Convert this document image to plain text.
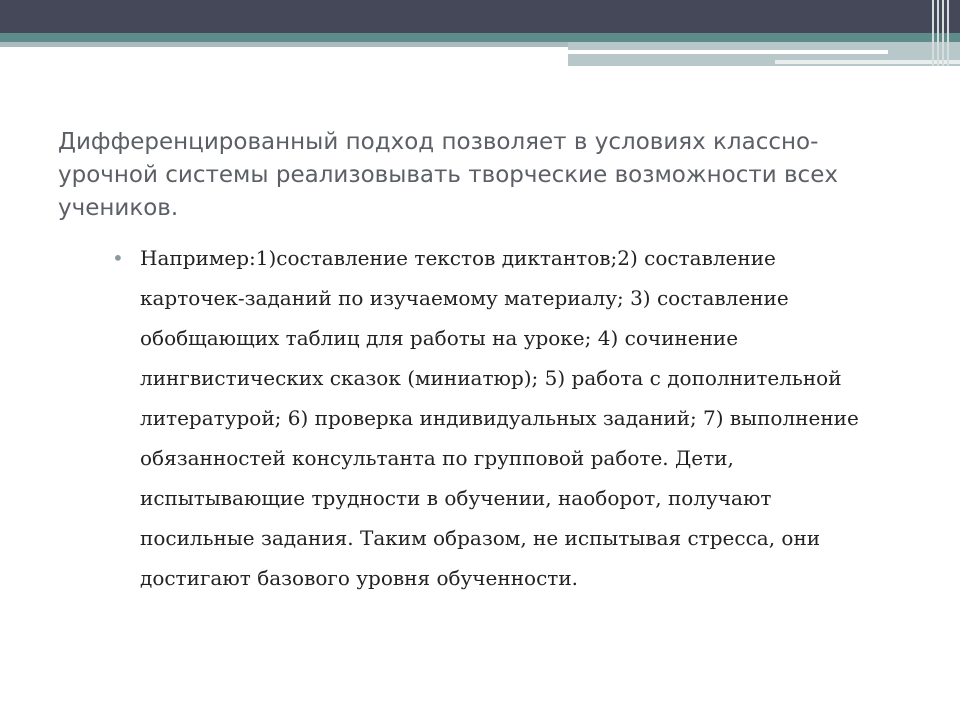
Дифференцированный подход позволяет в условиях классно-урочной системы реализовывать творческие возможности всех учеников.
• Например:1)составление текстов диктантов;2) составление карточек-заданий по изучаемому материалу; 3) составление обобщающих таблиц для работы на уроке; 4) сочинение лингвистических сказок (миниатюр); 5) работа с дополнительной литературой; 6) проверка индивидуальных заданий; 7) выполнение обязанностей консультанта по групповой работе. Дети, испытывающие трудности в обучении, наоборот, получают посильные задания. Таким образом, не испытывая стресса, они достигают базового уровня обученности.
